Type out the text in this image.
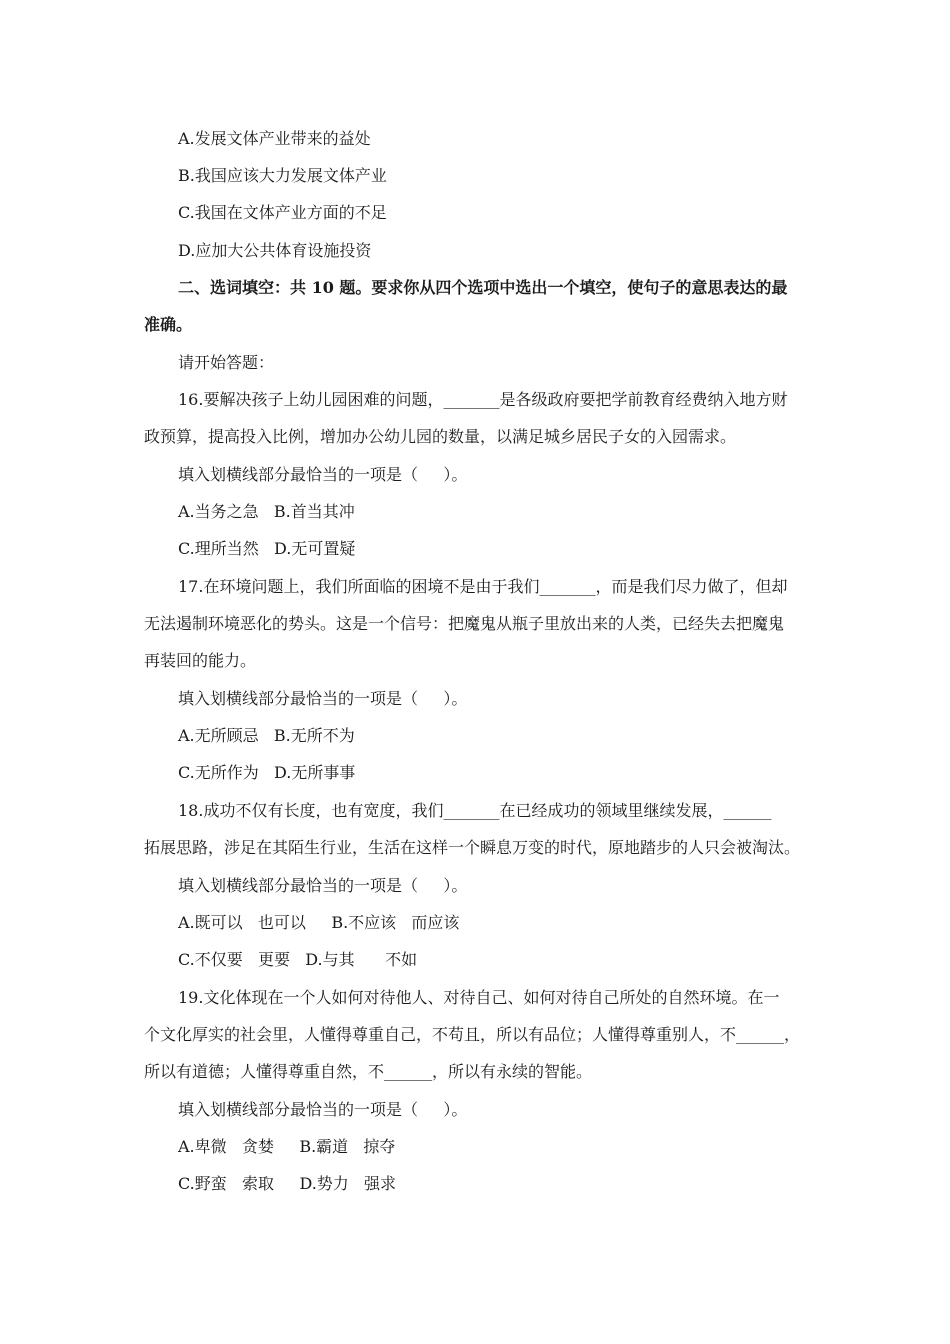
A.发展文体产业带来的益处
B.我国应该大力发展文体产业
C.我国在文体产业方面的不足
D.应加大公共体育设施投资
二、选词填空：共 10 题。要求你从四个选项中选出一个填空，使句子的意思表达的最
准确。
请开始答题：
16.要解决孩子上幼儿园困难的问题，_______是各级政府要把学前教育经费纳入地方财
政预算，提高投入比例，增加办公幼儿园的数量，以满足城乡居民子女的入园需求。
填入划横线部分最恰当的一项是（     ）。
A.当务之急   B.首当其冲
C.理所当然   D.无可置疑
17.在环境问题上，我们所面临的困境不是由于我们_______，而是我们尽力做了，但却
无法遏制环境恶化的势头。这是一个信号：把魔鬼从瓶子里放出来的人类，已经失去把魔鬼
再装回的能力。
填入划横线部分最恰当的一项是（     ）。
A.无所顾忌   B.无所不为
C.无所作为   D.无所事事
18.成功不仅有长度，也有宽度，我们_______在已经成功的领域里继续发展，______
拓展思路，涉足在其陌生行业，生活在这样一个瞬息万变的时代，原地踏步的人只会被淘汰。
填入划横线部分最恰当的一项是（     ）。
A.既可以   也可以     B.不应该   而应该
C.不仅要   更要   D.与其      不如
19.文化体现在一个人如何对待他人、对待自己、如何对待自己所处的自然环境。在一
个文化厚实的社会里，人懂得尊重自己，不苟且，所以有品位；人懂得尊重别人，不______，
所以有道德；人懂得尊重自然，不______，所以有永续的智能。
填入划横线部分最恰当的一项是（     ）。
A.卑微   贪婪     B.霸道   掠夺
C.野蛮   索取     D.势力   强求
